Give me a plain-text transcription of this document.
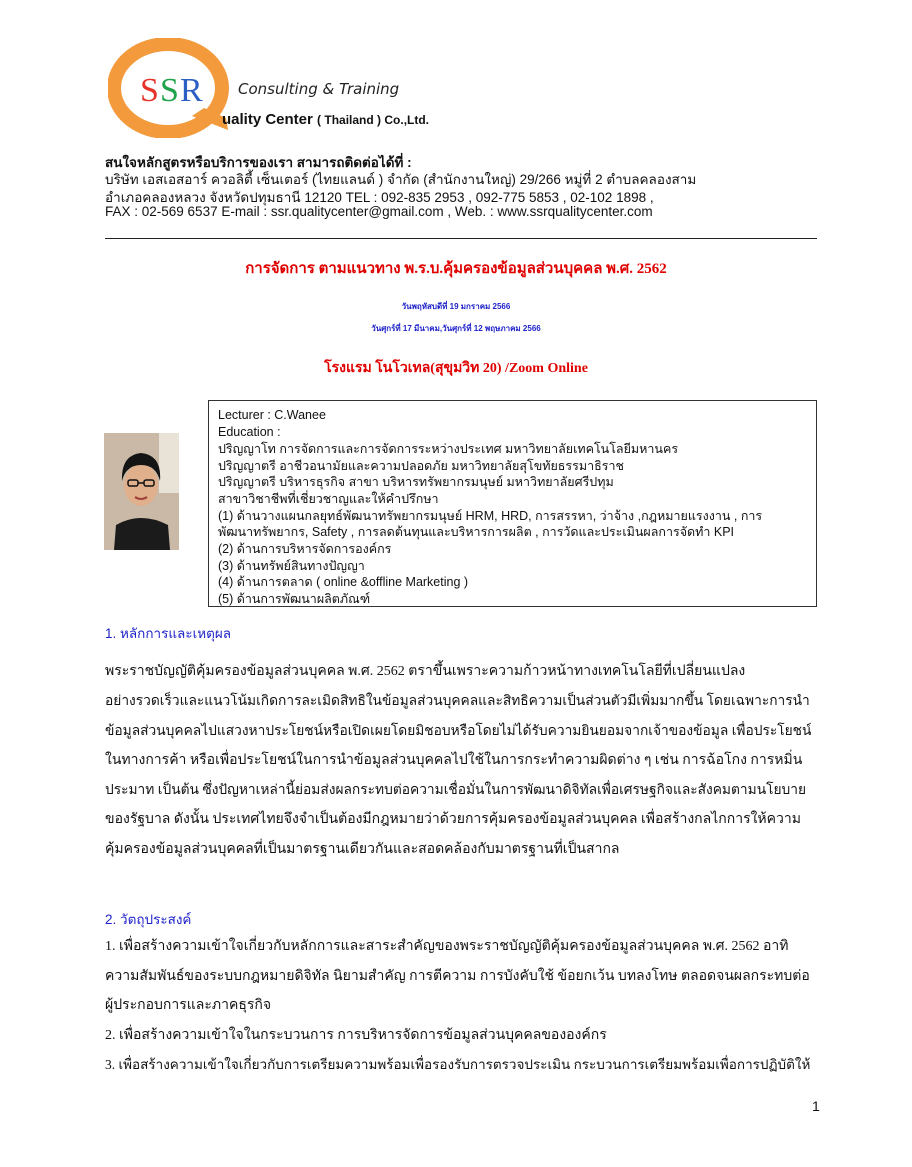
S S R Consulting & Training
uality Center ( Thailand ) Co.,Ltd.
สนใจหลักสูตรหรือบริการของเรา สามารถติดต่อได้ที่ :
บริษัท เอสเอสอาร์ ควอลิตี้ เซ็นเตอร์ (ไทยแลนด์ ) จำกัด (สำนักงานใหญ่) 29/266 หมู่ที่ 2 ตำบลคลองสาม
อำเภอคลองหลวง จังหวัดปทุมธานี 12120 TEL : 092-835 2953 , 092-775 5853 , 02-102 1898 ,
FAX : 02-569 6537 E-mail : ssr.qualitycenter@gmail.com , Web. : www.ssrqualitycenter.com
การจัดการ ตามแนวทาง พ.ร.บ.คุ้มครองข้อมูลส่วนบุคคล พ.ศ. 2562
วันพฤหัสบดีที่ 19 มกราคม 2566
วันศุกร์ที่ 17 มีนาคม,วันศุกร์ที่ 12 พฤษภาคม 2566
โรงแรม โนโวเทล(สุขุมวิท 20) /Zoom Online
Lecturer : C.Wanee
Education :
ปริญญาโท การจัดการและการจัดการระหว่างประเทศ มหาวิทยาลัยเทคโนโลยีมหานคร
ปริญญาตรี อาชีวอนามัยและความปลอดภัย มหาวิทยาลัยสุโขทัยธรรมาธิราช
ปริญญาตรี บริหารธุรกิจ สาขา บริหารทรัพยากรมนุษย์ มหาวิทยาลัยศรีปทุม
สาขาวิชาชีพที่เชี่ยวชาญและให้คำปรึกษา
(1) ด้านวางแผนกลยุทธ์พัฒนาทรัพยากรมนุษย์ HRM, HRD, การสรรหา, ว่าจ้าง ,กฎหมายแรงงาน , การ
พัฒนาทรัพยากร, Safety , การลดต้นทุนและบริหารการผลิต , การวัดและประเมินผลการจัดทำ KPI
(2) ด้านการบริหารจัดการองค์กร
(3) ด้านทรัพย์สินทางปัญญา
(4) ด้านการตลาด ( online &offline Marketing )
(5) ด้านการพัฒนาผลิตภัณฑ์
1. หลักการและเหตุผล
พระราชบัญญัติคุ้มครองข้อมูลส่วนบุคคล พ.ศ. 2562 ตราขึ้นเพราะความก้าวหน้าทางเทคโนโลยีที่เปลี่ยนแปลง
อย่างรวดเร็วและแนวโน้มเกิดการละเมิดสิทธิในข้อมูลส่วนบุคคลและสิทธิความเป็นส่วนตัวมีเพิ่มมากขึ้น โดยเฉพาะการนำ
ข้อมูลส่วนบุคคลไปแสวงหาประโยชน์หรือเปิดเผยโดยมิชอบหรือโดยไม่ได้รับความยินยอมจากเจ้าของข้อมูล เพื่อประโยชน์
ในทางการค้า หรือเพื่อประโยชน์ในการนำข้อมูลส่วนบุคคลไปใช้ในการกระทำความผิดต่าง ๆ เช่น การฉ้อโกง การหมิ่น
ประมาท เป็นต้น ซึ่งปัญหาเหล่านี้ย่อมส่งผลกระทบต่อความเชื่อมั่นในการพัฒนาดิจิทัลเพื่อเศรษฐกิจและสังคมตามนโยบาย
ของรัฐบาล ดังนั้น ประเทศไทยจึงจำเป็นต้องมีกฎหมายว่าด้วยการคุ้มครองข้อมูลส่วนบุคคล เพื่อสร้างกลไกการให้ความ
คุ้มครองข้อมูลส่วนบุคคลที่เป็นมาตรฐานเดียวกันและสอดคล้องกับมาตรฐานที่เป็นสากล
2. วัตถุประสงค์
1. เพื่อสร้างความเข้าใจเกี่ยวกับหลักการและสาระสำคัญของพระราชบัญญัติคุ้มครองข้อมูลส่วนบุคคล พ.ศ. 2562 อาทิ
ความสัมพันธ์ของระบบกฎหมายดิจิทัล นิยามสำคัญ การตีความ การบังคับใช้ ข้อยกเว้น บทลงโทษ ตลอดจนผลกระทบต่อ
ผู้ประกอบการและภาคธุรกิจ
2. เพื่อสร้างความเข้าใจในกระบวนการ การบริหารจัดการข้อมูลส่วนบุคคลขององค์กร
3. เพื่อสร้างความเข้าใจเกี่ยวกับการเตรียมความพร้อมเพื่อรองรับการตรวจประเมิน กระบวนการเตรียมพร้อมเพื่อการปฏิบัติให้
1
